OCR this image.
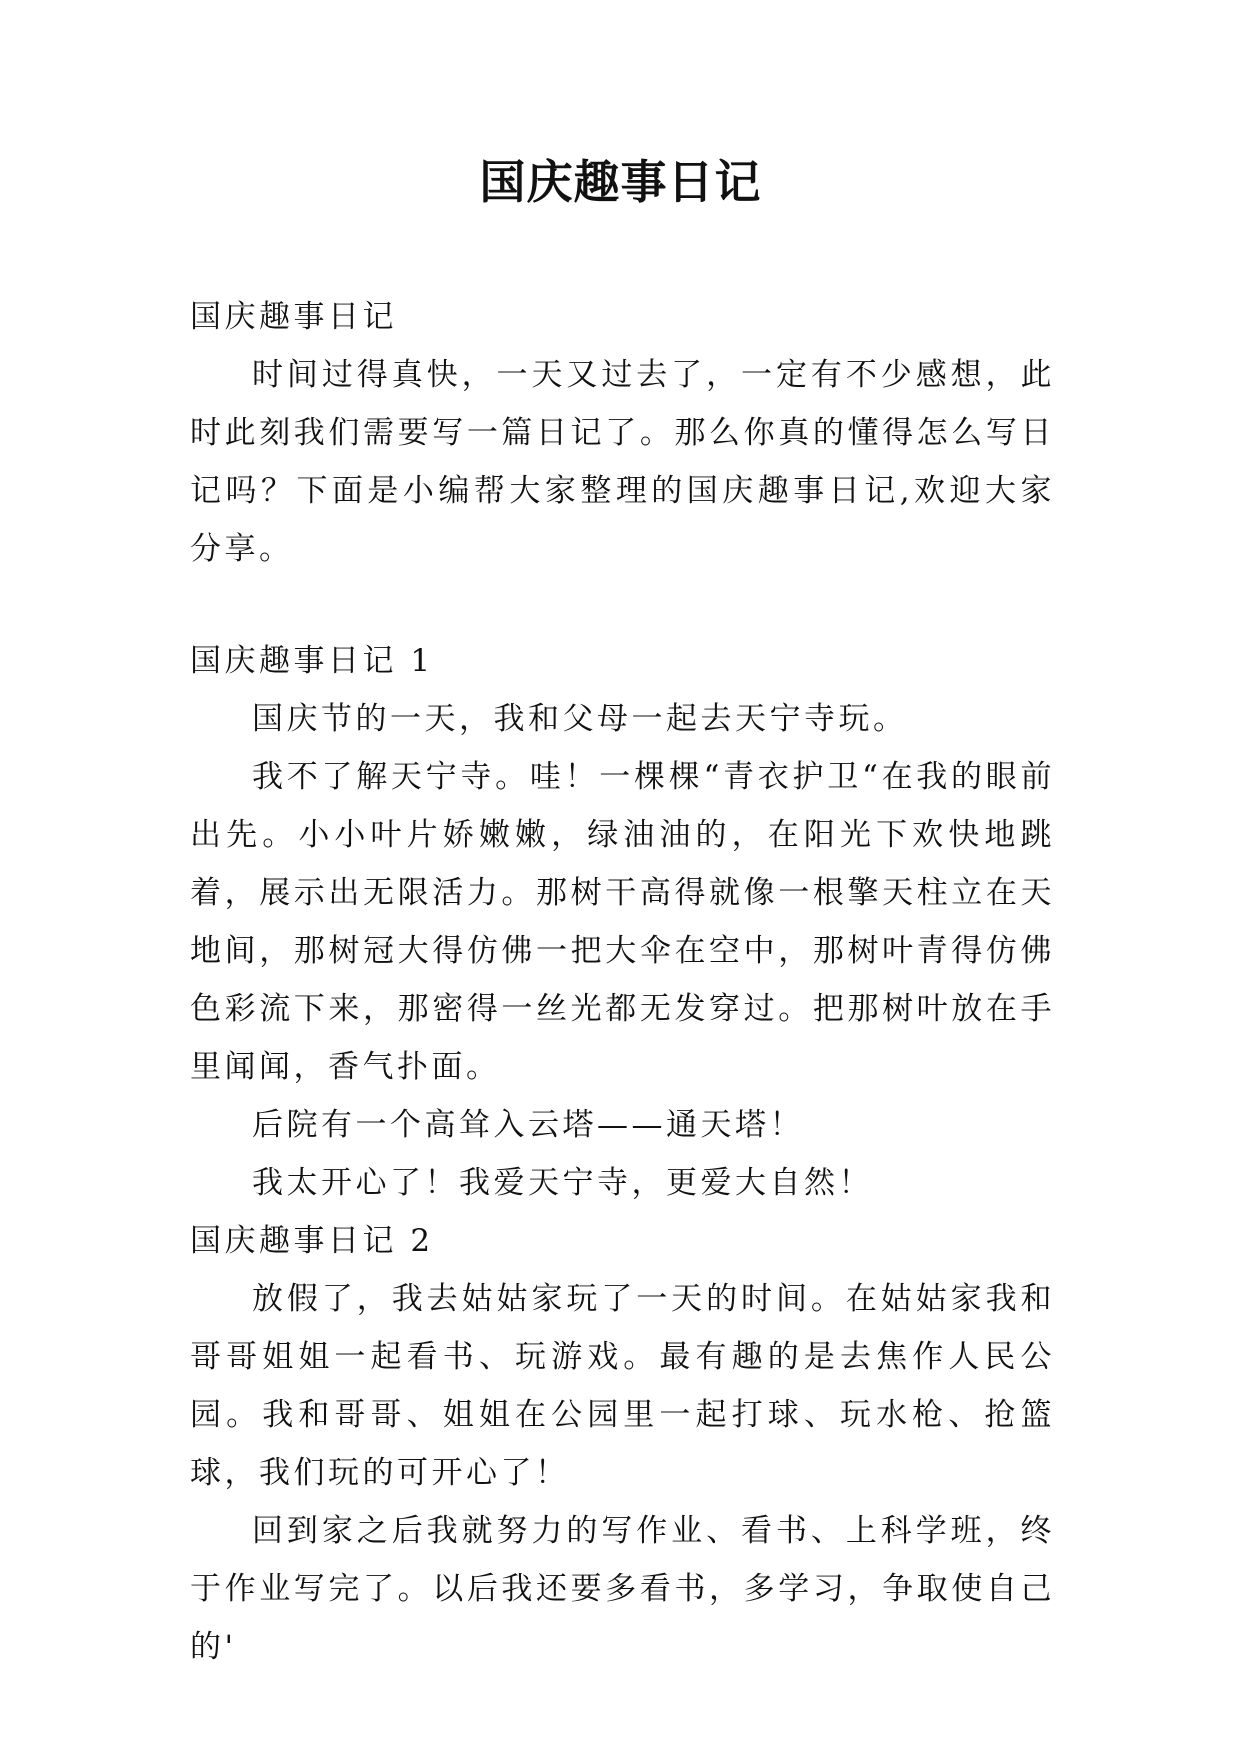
国庆趣事日记

国庆趣事日记

时间过得真快，一天又过去了，一定有不少感想，此时此刻我们需要写一篇日记了。那么你真的懂得怎么写日记吗？下面是小编帮大家整理的国庆趣事日记,欢迎大家分享。

国庆趣事日记 1

国庆节的一天，我和父母一起去天宁寺玩。

我不了解天宁寺。哇！一棵棵“青衣护卫“在我的眼前出先。小小叶片娇嫩嫩，绿油油的，在阳光下欢快地跳着，展示出无限活力。那树干高得就像一根擎天柱立在天地间，那树冠大得仿佛一把大伞在空中，那树叶青得仿佛色彩流下来，那密得一丝光都无发穿过。把那树叶放在手里闻闻，香气扑面。

后院有一个高耸入云塔——通天塔！

我太开心了！我爱天宁寺，更爱大自然！

国庆趣事日记 2

放假了，我去姑姑家玩了一天的时间。在姑姑家我和哥哥姐姐一起看书、玩游戏。最有趣的是去焦作人民公园。我和哥哥、姐姐在公园里一起打球、玩水枪、抢篮球，我们玩的可开心了！

回到家之后我就努力的写作业、看书、上科学班，终于作业写完了。以后我还要多看书，多学习，争取使自己的'
